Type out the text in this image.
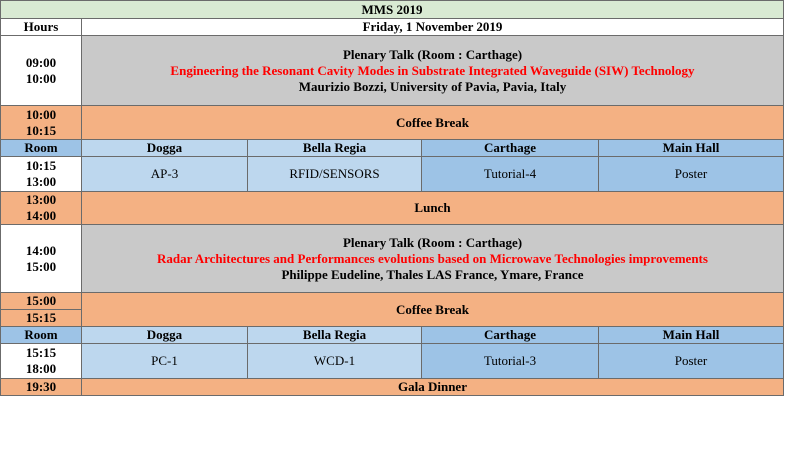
MMS 2019				
Hours	Friday, 1 November 2019			

09:00
10:00	Plenary Talk (Room : Carthage)
Engineering the Resonant Cavity Modes in Substrate Integrated Waveguide (SIW) Technology
Maurizio Bozzi, University of Pavia, Pavia, Italy			

10:00
10:15	Coffee Break			
Room	Dogga	Bella Regia	Carthage	Main Hall

10:15
13:00	AP-3	RFID/SENSORS	Tutorial-4	Poster

13:00
14:00	Lunch			

14:00
15:00	Plenary Talk (Room : Carthage)
Radar Architectures and Performances evolutions based on Microwave Technologies improvements
Philippe Eudeline, Thales LAS France, Ymare, France			

15:00
15:15	Coffee Break			
Room	Dogga	Bella Regia	Carthage	Main Hall

15:15
18:00	PC-1	WCD-1	Tutorial-3	Poster
19:30	Gala Dinner			
